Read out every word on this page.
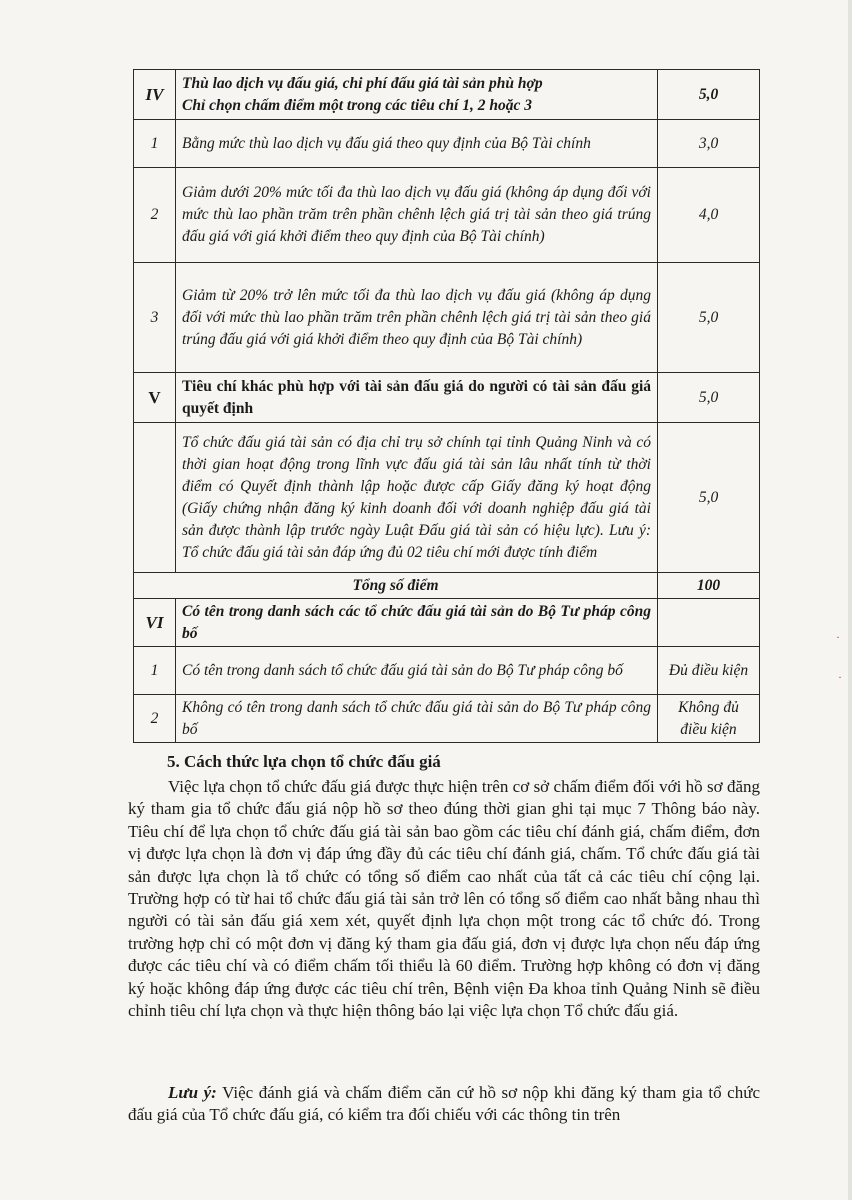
IV	Thù lao dịch vụ đấu giá, chi phí đấu giá tài sản phù hợp
Chỉ chọn chấm điểm một trong các tiêu chí 1, 2 hoặc 3	5,0
1	Bằng mức thù lao dịch vụ đấu giá theo quy định của Bộ Tài chính	3,0
2	Giảm dưới 20% mức tối đa thù lao dịch vụ đấu giá (không áp dụng đối với mức thù lao phần trăm trên phần chênh lệch giá trị tài sản theo giá trúng đấu giá với giá khởi điểm theo quy định của Bộ Tài chính)	4,0
3	Giảm từ 20% trở lên mức tối đa thù lao dịch vụ đấu giá (không áp dụng đối với mức thù lao phần trăm trên phần chênh lệch giá trị tài sản theo giá trúng đấu giá với giá khởi điểm theo quy định của Bộ Tài chính)	5,0
V	Tiêu chí khác phù hợp với tài sản đấu giá do người có tài sản đấu giá quyết định	5,0
	Tổ chức đấu giá tài sản có địa chỉ trụ sở chính tại tỉnh Quảng Ninh và có thời gian hoạt động trong lĩnh vực đấu giá tài sản lâu nhất tính từ thời điểm có Quyết định thành lập hoặc được cấp Giấy đăng ký hoạt động (Giấy chứng nhận đăng ký kinh doanh đối với doanh nghiệp đấu giá tài sản được thành lập trước ngày Luật Đấu giá tài sản có hiệu lực). Lưu ý: Tổ chức đấu giá tài sản đáp ứng đủ 02 tiêu chí mới được tính điểm	5,0
Tổng số điểm		100
VI	Có tên trong danh sách các tổ chức đấu giá tài sản do Bộ Tư pháp công bố	
1	Có tên trong danh sách tổ chức đấu giá tài sản do Bộ Tư pháp công bố	Đủ điều kiện
2	Không có tên trong danh sách tổ chức đấu giá tài sản do Bộ Tư pháp công bố	Không đủ điều kiện
5. Cách thức lựa chọn tổ chức đấu giá

Việc lựa chọn tổ chức đấu giá được thực hiện trên cơ sở chấm điểm đối với hồ sơ đăng ký tham gia tổ chức đấu giá nộp hồ sơ theo đúng thời gian ghi tại mục 7 Thông báo này. Tiêu chí để lựa chọn tổ chức đấu giá tài sản bao gồm các tiêu chí đánh giá, chấm điểm, đơn vị được lựa chọn là đơn vị đáp ứng đầy đủ các tiêu chí đánh giá, chấm. Tổ chức đấu giá tài sản được lựa chọn là tổ chức có tổng số điểm cao nhất của tất cả các tiêu chí cộng lại. Trường hợp có từ hai tổ chức đấu giá tài sản trở lên có tổng số điểm cao nhất bằng nhau thì người có tài sản đấu giá xem xét, quyết định lựa chọn một trong các tổ chức đó. Trong trường hợp chỉ có một đơn vị đăng ký tham gia đấu giá, đơn vị được lựa chọn nếu đáp ứng được các tiêu chí và có điểm chấm tối thiểu là 60 điểm. Trường hợp không có đơn vị đăng ký hoặc không đáp ứng được các tiêu chí trên, Bệnh viện Đa khoa tỉnh Quảng Ninh sẽ điều chỉnh tiêu chí lựa chọn và thực hiện thông báo lại việc lựa chọn Tổ chức đấu giá.

Lưu ý: Việc đánh giá và chấm điểm căn cứ hồ sơ nộp khi đăng ký tham gia tổ chức đấu giá của Tổ chức đấu giá, có kiểm tra đối chiếu với các thông tin trên

·
·
